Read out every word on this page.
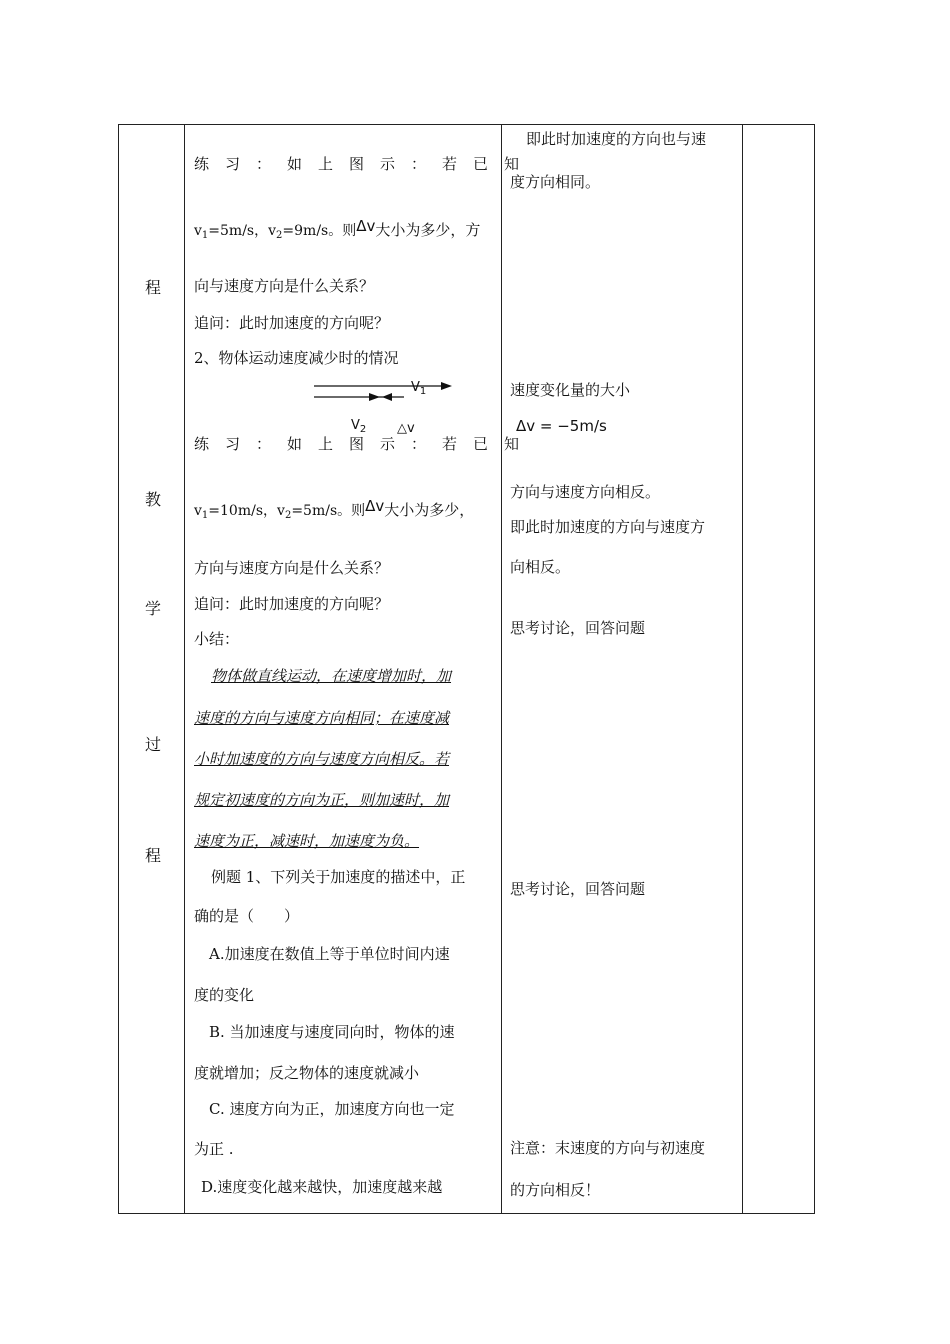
程
教
学
过
程
练习：如上图示：若已知
$v_1=5m/s$，$v_2=9m/s$。则Δv大小为多少，方
向与速度方向是什么关系？
追问：此时加速度的方向呢？
2、物体运动速度减少时的情况
$V_1$
$V_2$ △v
练习：如上图示：若已知
$v_1=10m/s$，$v_2=5m/s$。则Δv大小为多少，
方向与速度方向是什么关系？
追问：此时加速度的方向呢？
小结：
物体做直线运动，在速度增加时，加
速度的方向与速度方向相同；在速度减
小时加速度的方向与速度方向相反。若
规定初速度的方向为正，则加速时，加
速度为正，减速时，加速度为负。
例题 1、下列关于加速度的描述中，正
确的是（　　）
A.加速度在数值上等于单位时间内速
度的变化
B. 当加速度与速度同向时，物体的速
度就增加；反之物体的速度就减小
C. 速度方向为正，加速度方向也一定
为正 .
D.速度变化越来越快，加速度越来越
即此时加速度的方向也与速
度方向相同。
速度变化量的大小
Δv = −5m/s
方向与速度方向相反。
即此时加速度的方向与速度方
向相反。
思考讨论，回答问题
思考讨论，回答问题
注意：末速度的方向与初速度
的方向相反！
